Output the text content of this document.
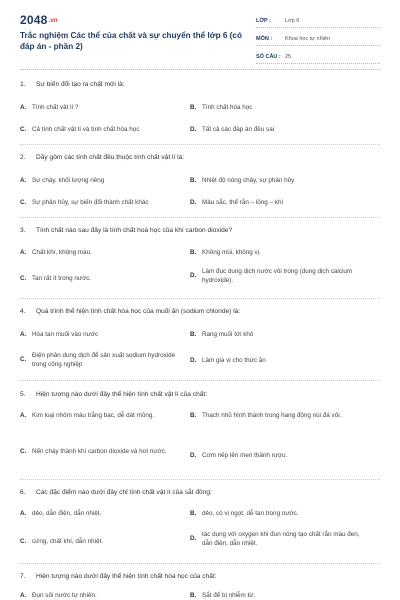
$2048^{.vn}$
Trắc nghiệm Các thể của chất và sự chuyển thể lớp 6 (có đáp án - phần 2)
LỚP :	Lớp 6
MÔN :	Khoa học tự nhiên
SỐ CÂU : 25
1.	Sự biến đổi tạo ra chất mới là:
A. Tính chất vật lí ?	B. Tính chất hóa học
C. Cả tính chất vật lí và tính chất hóa học	D. Tất cả các đáp án đều sai
2.	Dãy gồm các tính chất đều thuộc tính chất vật lí là:
A. Sự cháy, khối lượng riêng	B. Nhiệt độ nóng chảy, sự phân hủy
C. Sự phân hủy, sự biến đổi thành chất khác	D. Màu sắc, thể rắn – lỏng – khí
3.	Tính chất nào sau đây là tính chất hoá học của khí carbon dioxide?
A. Chất khí, không màu.	B. Không mùi, không vị.
C. Tan rất ít trong nước.	D.
Làm đục dung dịch nước vôi trong (dung dịch calcium hydroxide).
4.	Quá trình thể hiện tính chất hóa học của muối ăn (sodium chloride) là:
A. Hòa tan muối vào nước	B. Rang muối tới khô
C.
Điện phân dung dịch để sản xuất sodium hydroxide trong công nghiệp	D. Làm gia vị cho thức ăn
5.	Hiện tượng nào dưới đây thể hiện tính chất vật lí của chất:
A. Kim loại nhôm màu trắng bạc, dễ dát mỏng.	B. Thạch nhũ hình thành trong hang động núi đá vôi.
C. Nến cháy thành khí carbon dioxide và hơi nước.
D. Cơm nếp lên men thành rượu.
6.	Các đặc điểm nào dưới đây chỉ tính chất vật lí của sắt đồng:
A. dẻo, dẫn điện, dẫn nhiệt.	B. dẻo, có vị ngọt, dễ tan trong nước.
C. cứng, chất khí, dẫn nhiệt.	D.
tác dụng với oxygen khi đun nóng tạo chất rắn màu đen, dẫn điện, dẫn nhiệt.
7.	Hiện tượng nào dưới đây thể hiện tính chất hóa học của chất:
A. Đun sôi nước tự nhiên.	B. Sắt để bị nhiễm từ.
